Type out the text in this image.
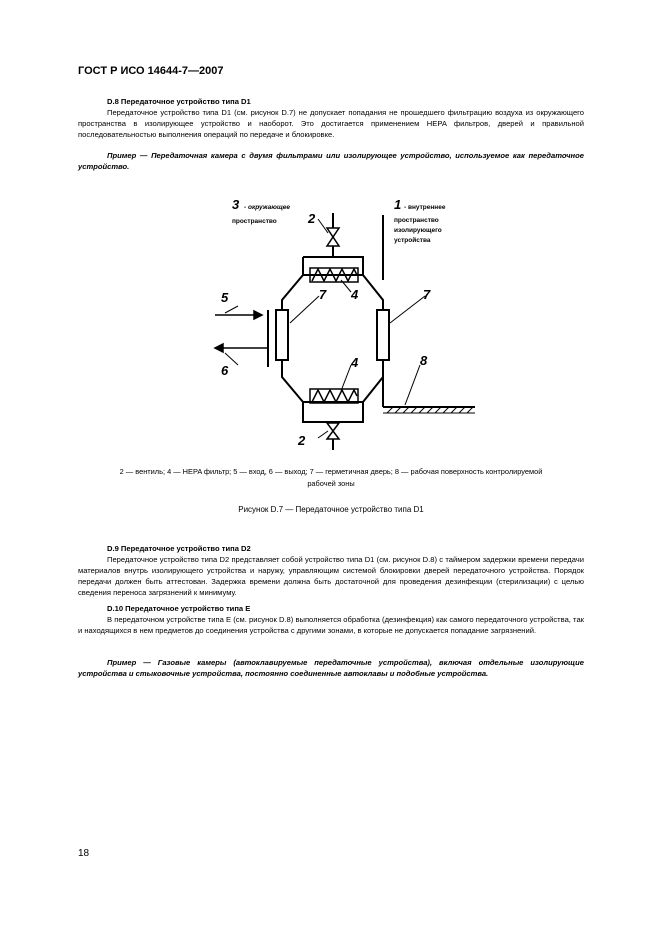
ГОСТ Р ИСО 14644-7—2007
D.8 Передаточное устройство типа D1
Передаточное устройство типа D1 (см. рисунок D.7) не допускает попадания не прошедшего фильтрацию воздуха из окружающего пространства в изолирующее устройство и наоборот. Это достигается применением HEPA фильтров, дверей и правильной последовательностью выполнения операций по передаче и блокировке.
Пример — Передаточная камера с двумя фильтрами или изолирующее устройство, используемое как передаточное устройство.
3 - окружающее
пространство
1 - внутреннее
пространство
изолирующего
устройства
2
2
4
4
5
6
7	7
8
2 — вентиль; 4 — HEPA фильтр; 5 — вход, 6 — выход; 7 — герметичная дверь; 8 — рабочая поверхность контролируемой
рабочей зоны
Рисунок D.7 — Передаточное устройство типа D1
D.9 Передаточное устройство типа D2
Передаточное устройство типа D2 представляет собой устройство типа D1 (см. рисунок D.8) с таймером задержки времени передачи материалов внутрь изолирующего устройства и наружу, управляющим системой блокировки дверей передаточного устройства. Порядок передачи должен быть аттестован. Задержка времени должна быть достаточной для проведения дезинфекции (стерилизации) с целью сведения переноса загрязнений к минимуму.
D.10 Передаточное устройство типа E
В передаточном устройстве типа E (см. рисунок D.8) выполняется обработка (дезинфекция) как самого передаточного устройства, так и находящихся в нем предметов до соединения устройства с другими зонами, в которые не допускается попадание загрязнений.
Пример — Газовые камеры (автоклавируемые передаточные устройства), включая отдельные изолирующие устройства и стыковочные устройства, постоянно соединенные автоклавы и подобные устройства.
18
